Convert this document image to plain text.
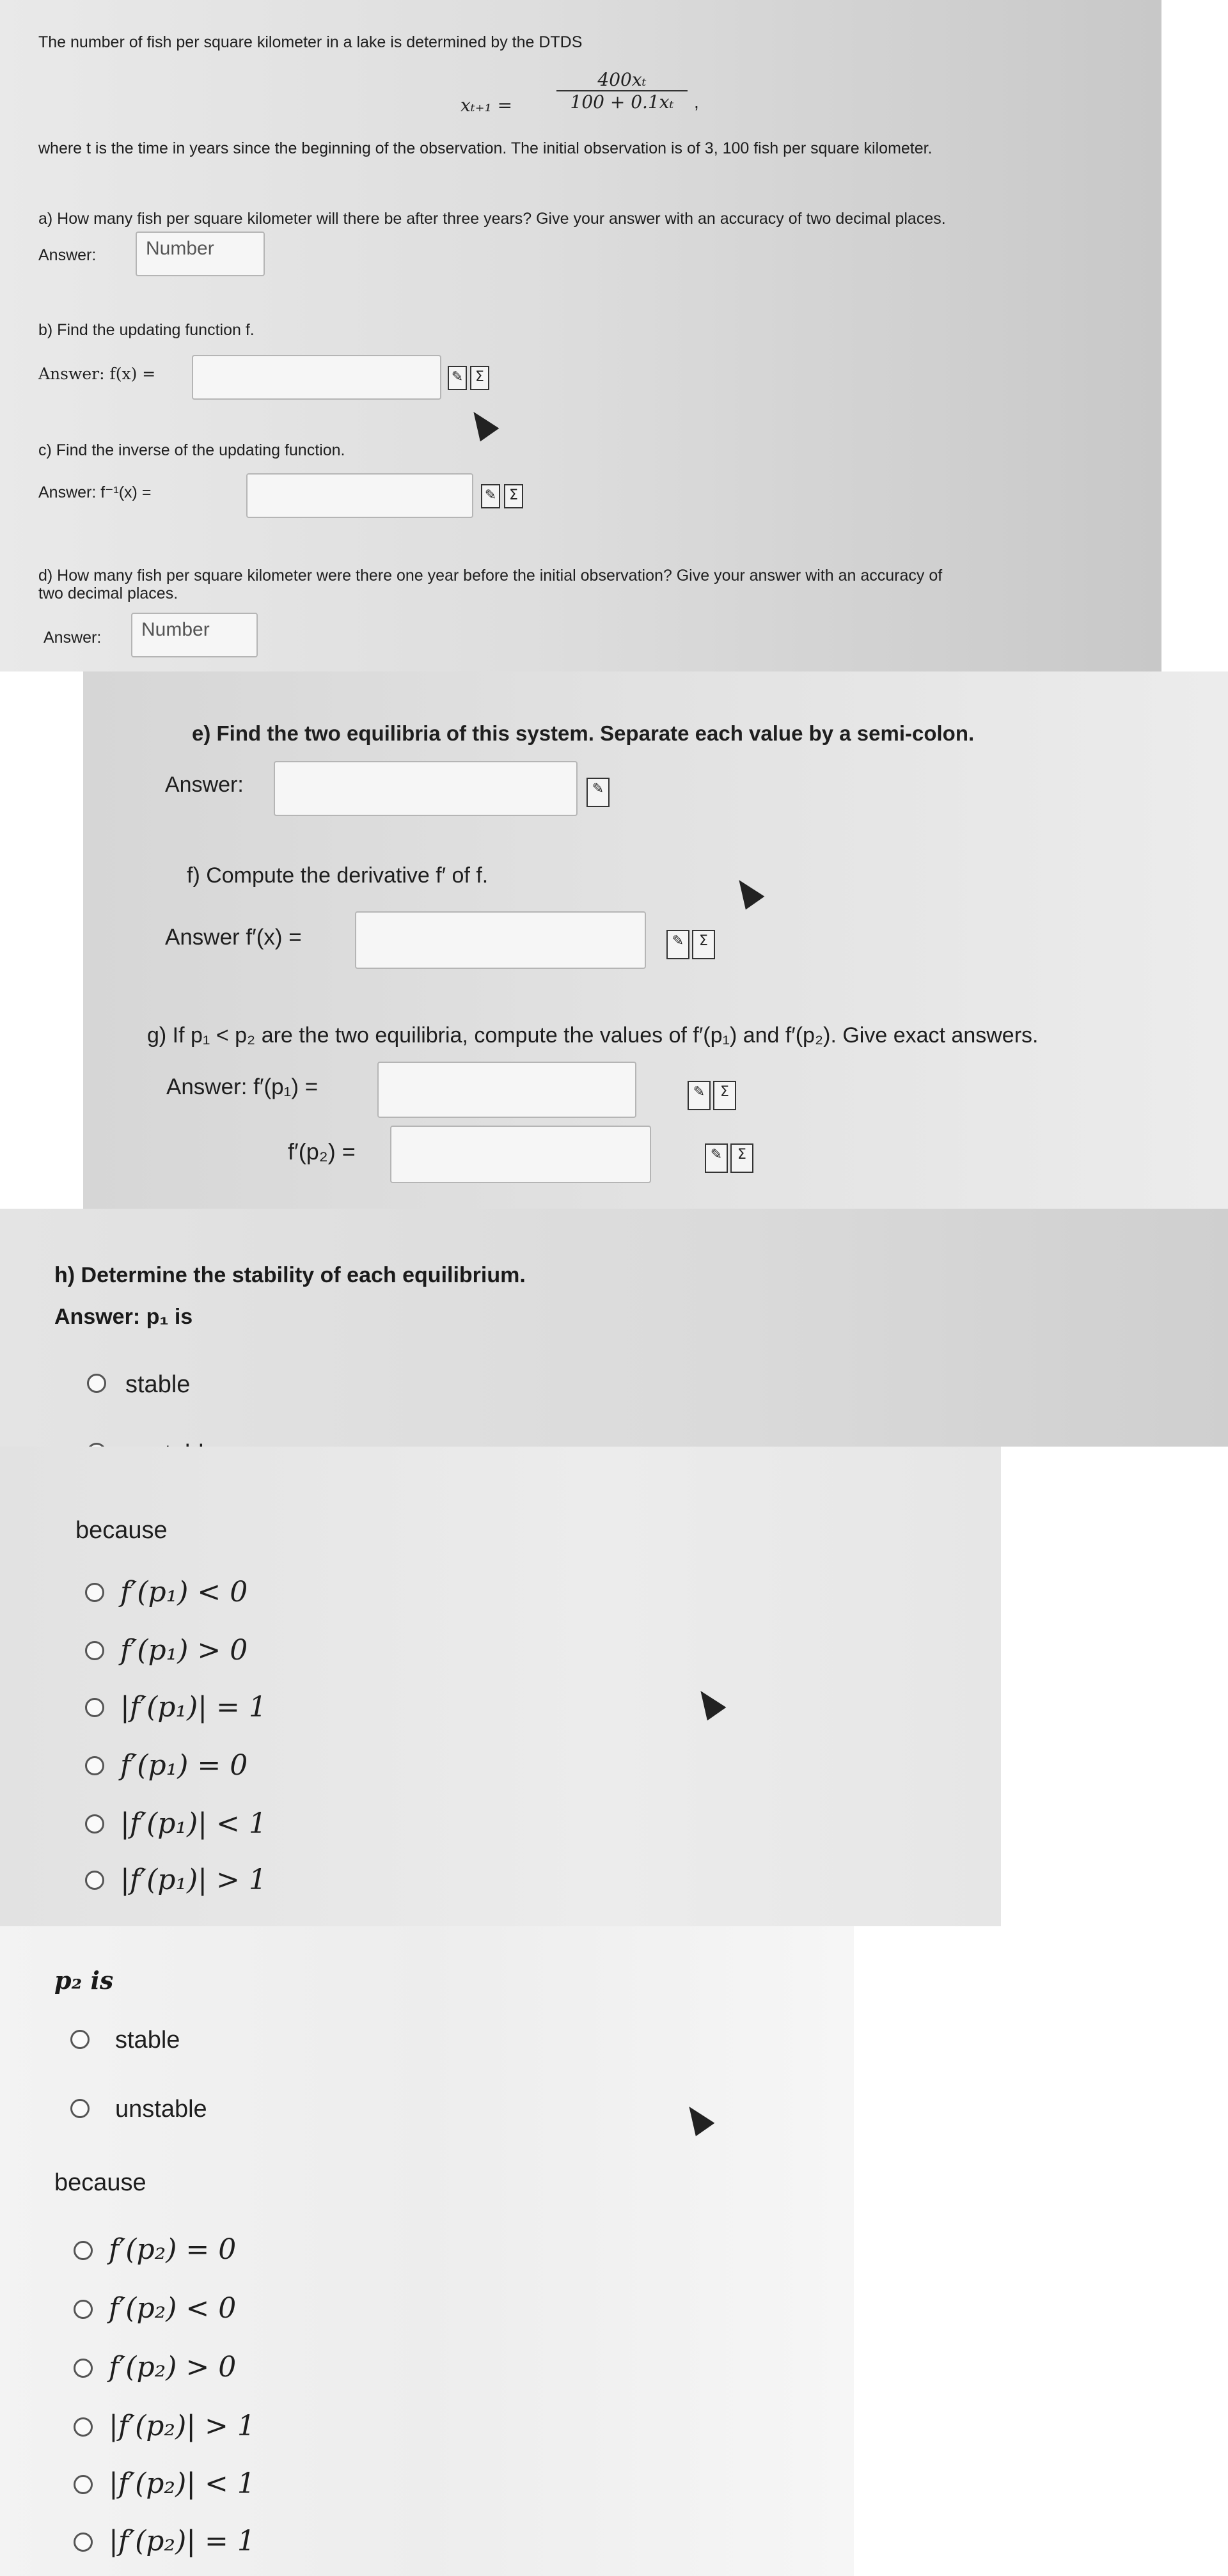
The number of fish per square kilometer in a lake is determined by the DTDS
$x_{t+1} = \frac{\text{400xₜ}}{\text{100 + 0.1xₜ}}$ ,
where t is the time in years since the beginning of the observation. The initial observation is of 3, 100 fish per square kilometer.
a) How many fish per square kilometer will there be after three years? Give your answer with an accuracy of two decimal places.
Answer:	Number
b) Find the updating function f.
Answer: f(x) =	✎ Σ
c) Find the inverse of the updating function.
Answer: f⁻¹(x) =	✎ Σ
d) How many fish per square kilometer were there one year before the initial observation? Give your answer with an accuracy of
two decimal places.
Answer:	Number
e) Find the two equilibria of this system. Separate each value by a semi-colon.
Answer:	✎
f) Compute the derivative f′ of f.
Answer f′(x) =	✎	Σ
g) If p₁ < p₂ are the two equilibria, compute the values of f′(p₁) and f′(p₂). Give exact answers.
Answer: f′(p₁) =	✎	Σ
f′(p₂) =	✎	Σ
h) Determine the stability of each equilibrium.
Answer: p₁ is
stable
because
f′(p₁) < 0
f′(p₁) > 0
|f′(p₁)| = 1
f′(p₁) = 0
|f′(p₁)| < 1
|f′(p₁)| > 1
p₂ is
stable
unstable
because
f′(p₂) = 0
f′(p₂) < 0
f′(p₂) > 0
|f′(p₂)| > 1
|f′(p₂)| < 1
|f′(p₂)| = 1
